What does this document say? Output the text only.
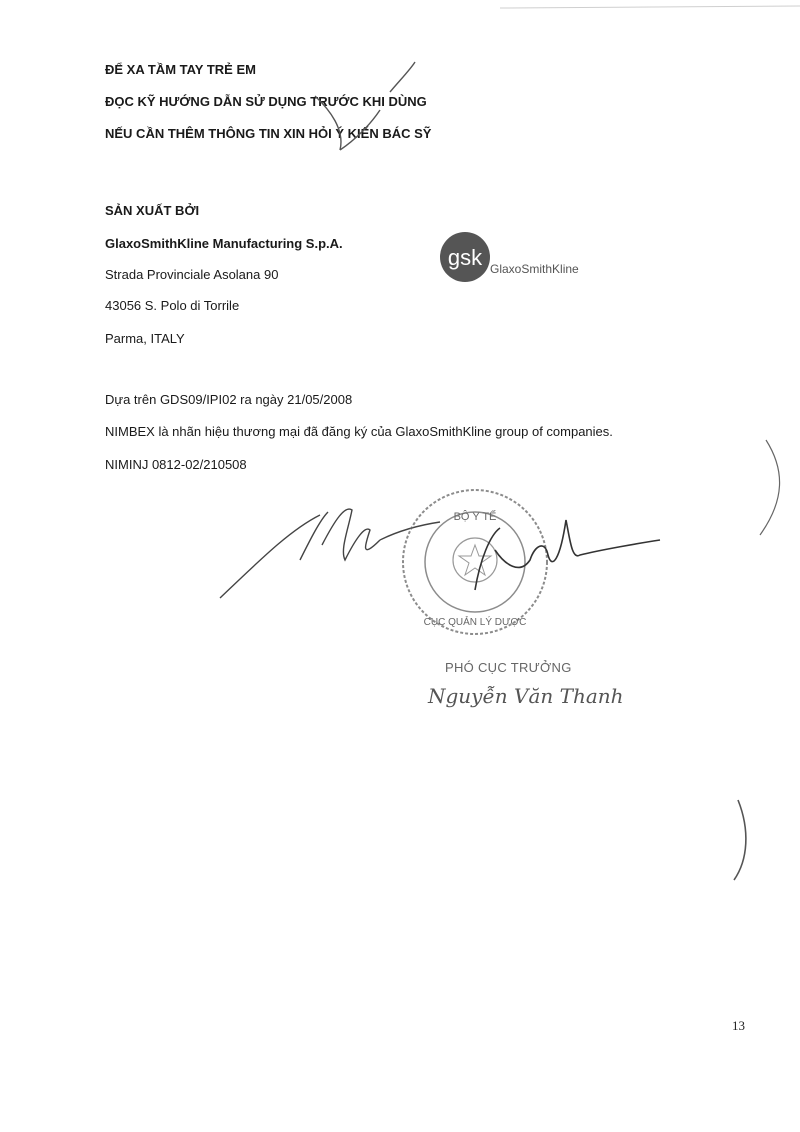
ĐỂ XA TẦM TAY TRẺ EM
ĐỌC KỸ HƯỚNG DẪN SỬ DỤNG TRƯỚC KHI DÙNG
NẾU CẦN THÊM THÔNG TIN XIN HỎI Ý KIẾN BÁC SỸ
SẢN XUẤT BỞI
GlaxoSmithKline Manufacturing S.p.A.
Strada Provinciale Asolana 90
43056 S. Polo di Torrile
Parma, ITALY
gsk GlaxoSmithKline
Dựa trên GDS09/IPI02 ra ngày 21/05/2008
NIMBEX là nhãn hiệu thương mại đã đăng ký của GlaxoSmithKline group of companies.
NIMINJ 0812-02/210508
BỘ Y TẾ
CỤC QUẢN LÝ DƯỢC
PHÓ CỤC TRƯỞNG
Nguyễn Văn Thanh
13
